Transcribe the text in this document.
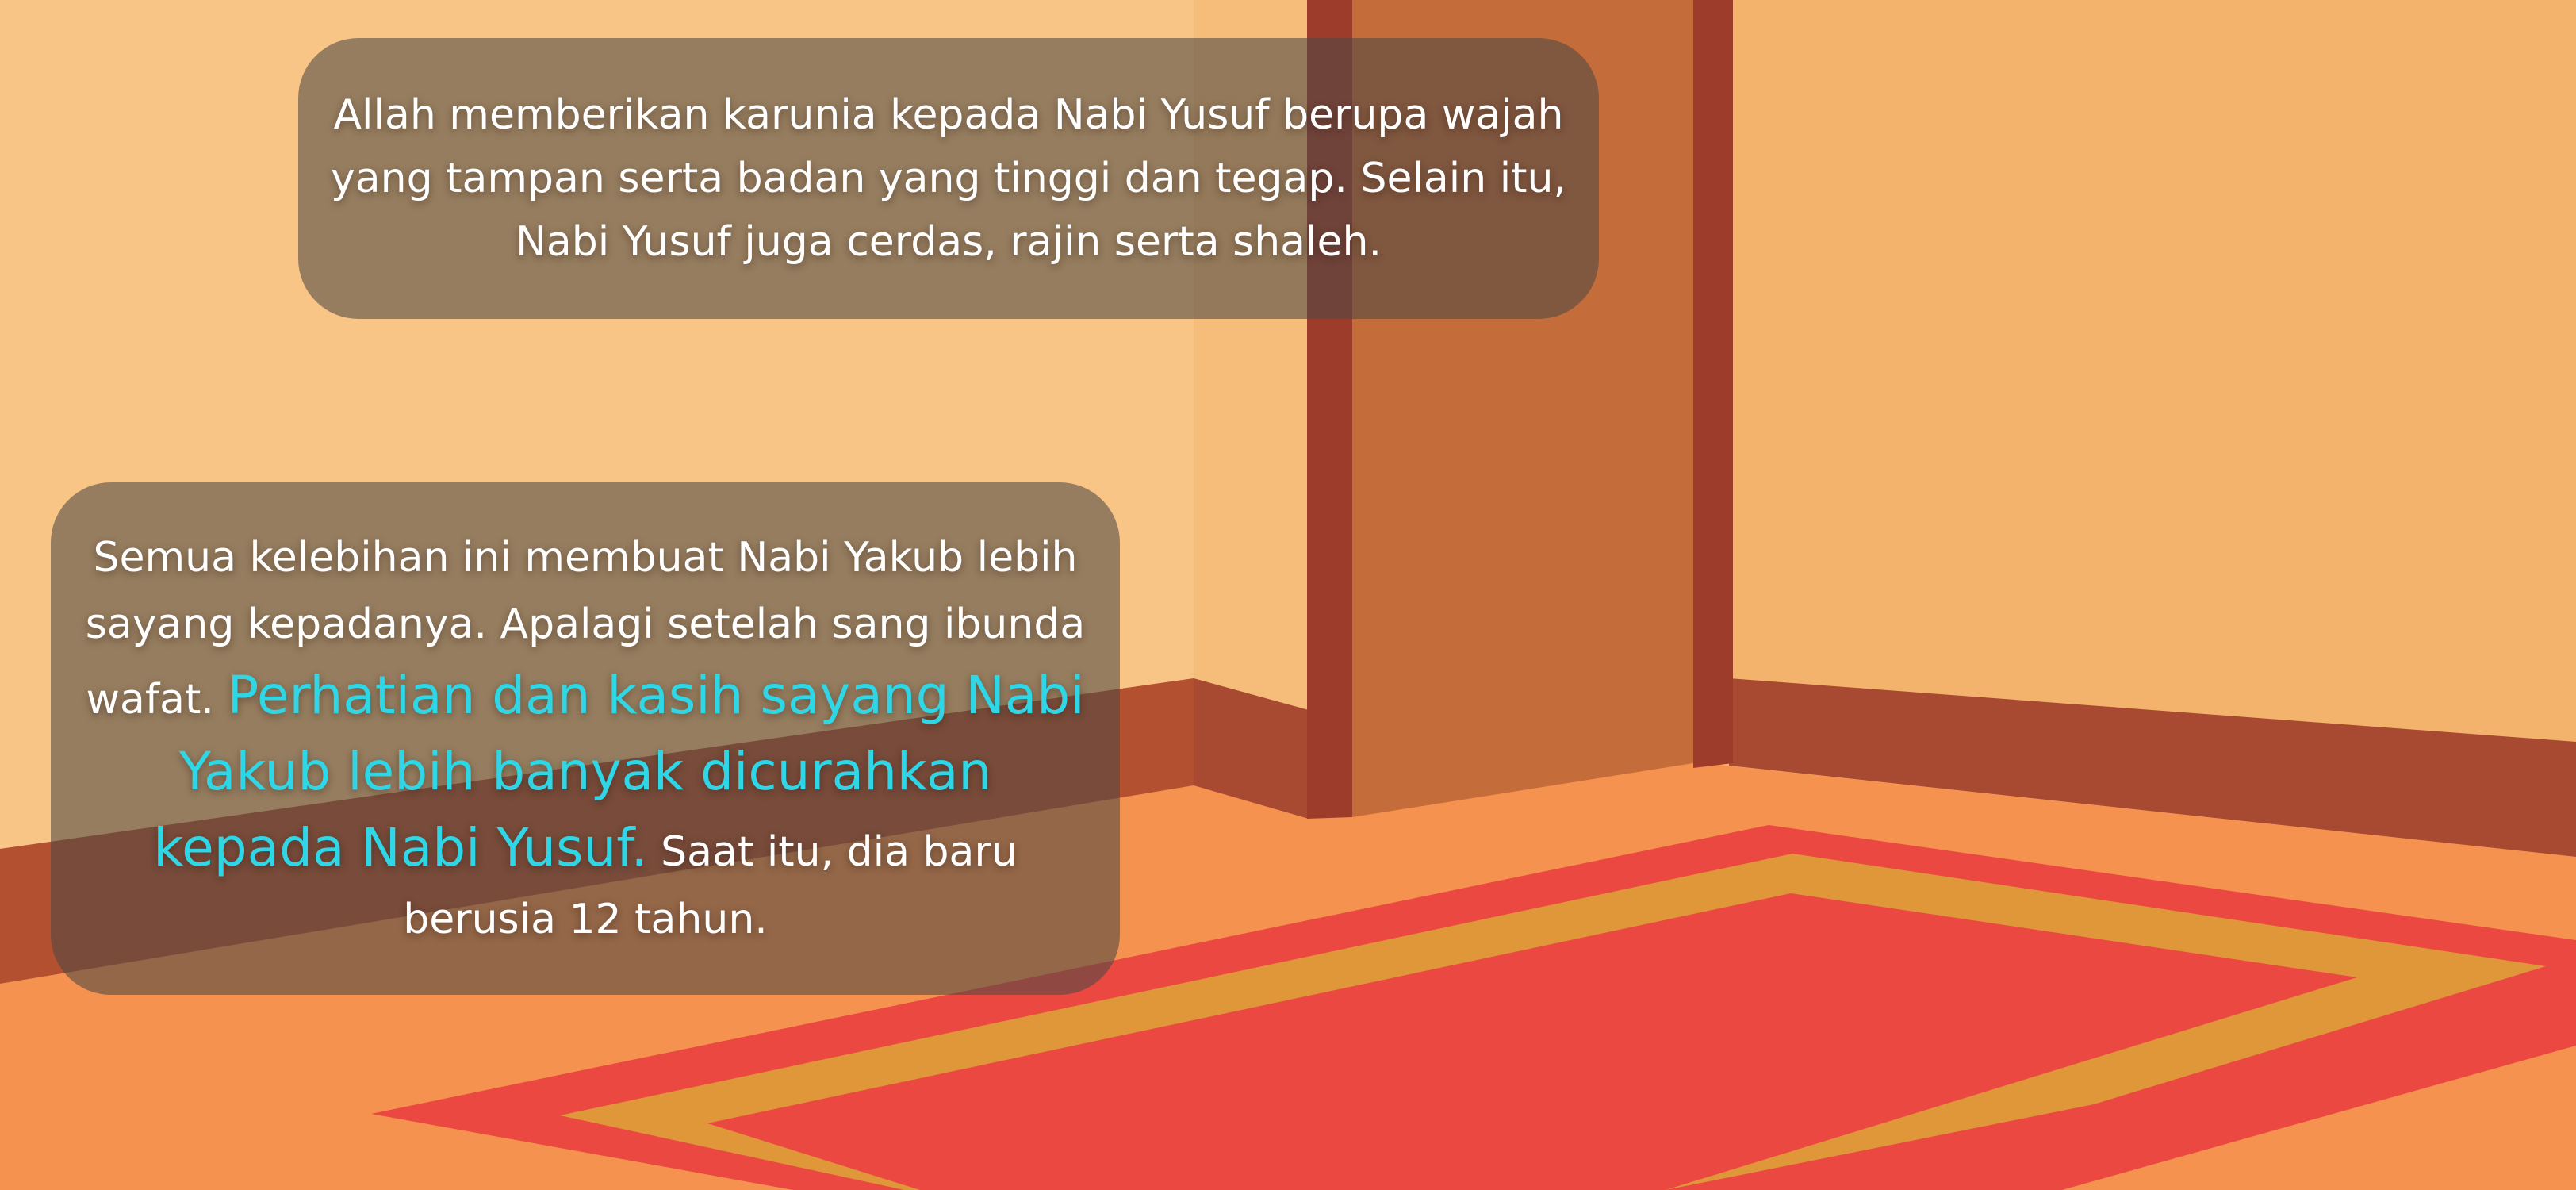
Allah memberikan karunia kepada Nabi Yusuf berupa wajah yang tampan serta badan yang tinggi dan tegap. Selain itu, Nabi Yusuf juga cerdas, rajin serta shaleh.

Semua kelebihan ini membuat Nabi Yakub lebih sayang kepadanya. Apalagi setelah sang ibunda wafat. Perhatian dan kasih sayang Nabi Yakub lebih banyak dicurahkan kepada Nabi Yusuf. Saat itu, dia baru berusia 12 tahun.
